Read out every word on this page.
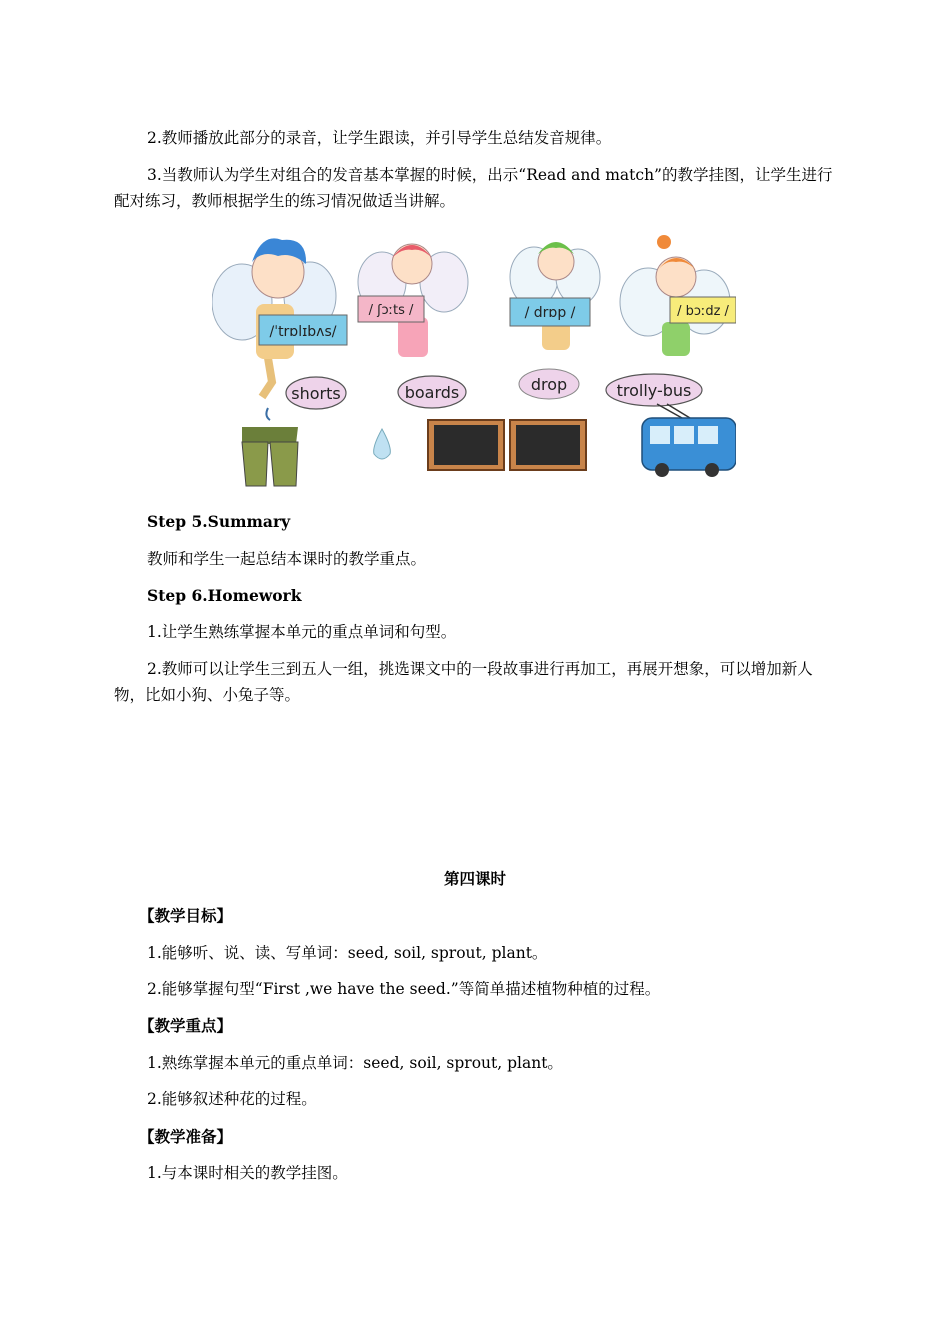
2.教师播放此部分的录音，让学生跟读，并引导学生总结发音规律。
3.当教师认为学生对组合的发音基本掌握的时候，出示“Read and match”的教学挂图，让学生进行配对练习，教师根据学生的练习情况做适当讲解。
/ˈtrɒlɪbʌs/
/ ʃɔːts /	/ drɒp /	/ bɔːdz /
shorts	boards	drop	trolly-bus
Step 5.Summary
教师和学生一起总结本课时的教学重点。
Step 6.Homework
1.让学生熟练掌握本单元的重点单词和句型。
2.教师可以让学生三到五人一组，挑选课文中的一段故事进行再加工，再展开想象，可以增加新人物，比如小狗、小兔子等。
第四课时
【教学目标】
1.能够听、说、读、写单词：seed, soil, sprout, plant。
2.能够掌握句型“First ,we have the seed.”等简单描述植物种植的过程。
【教学重点】
1.熟练掌握本单元的重点单词：seed, soil, sprout, plant。
2.能够叙述种花的过程。
【教学准备】
1.与本课时相关的教学挂图。
